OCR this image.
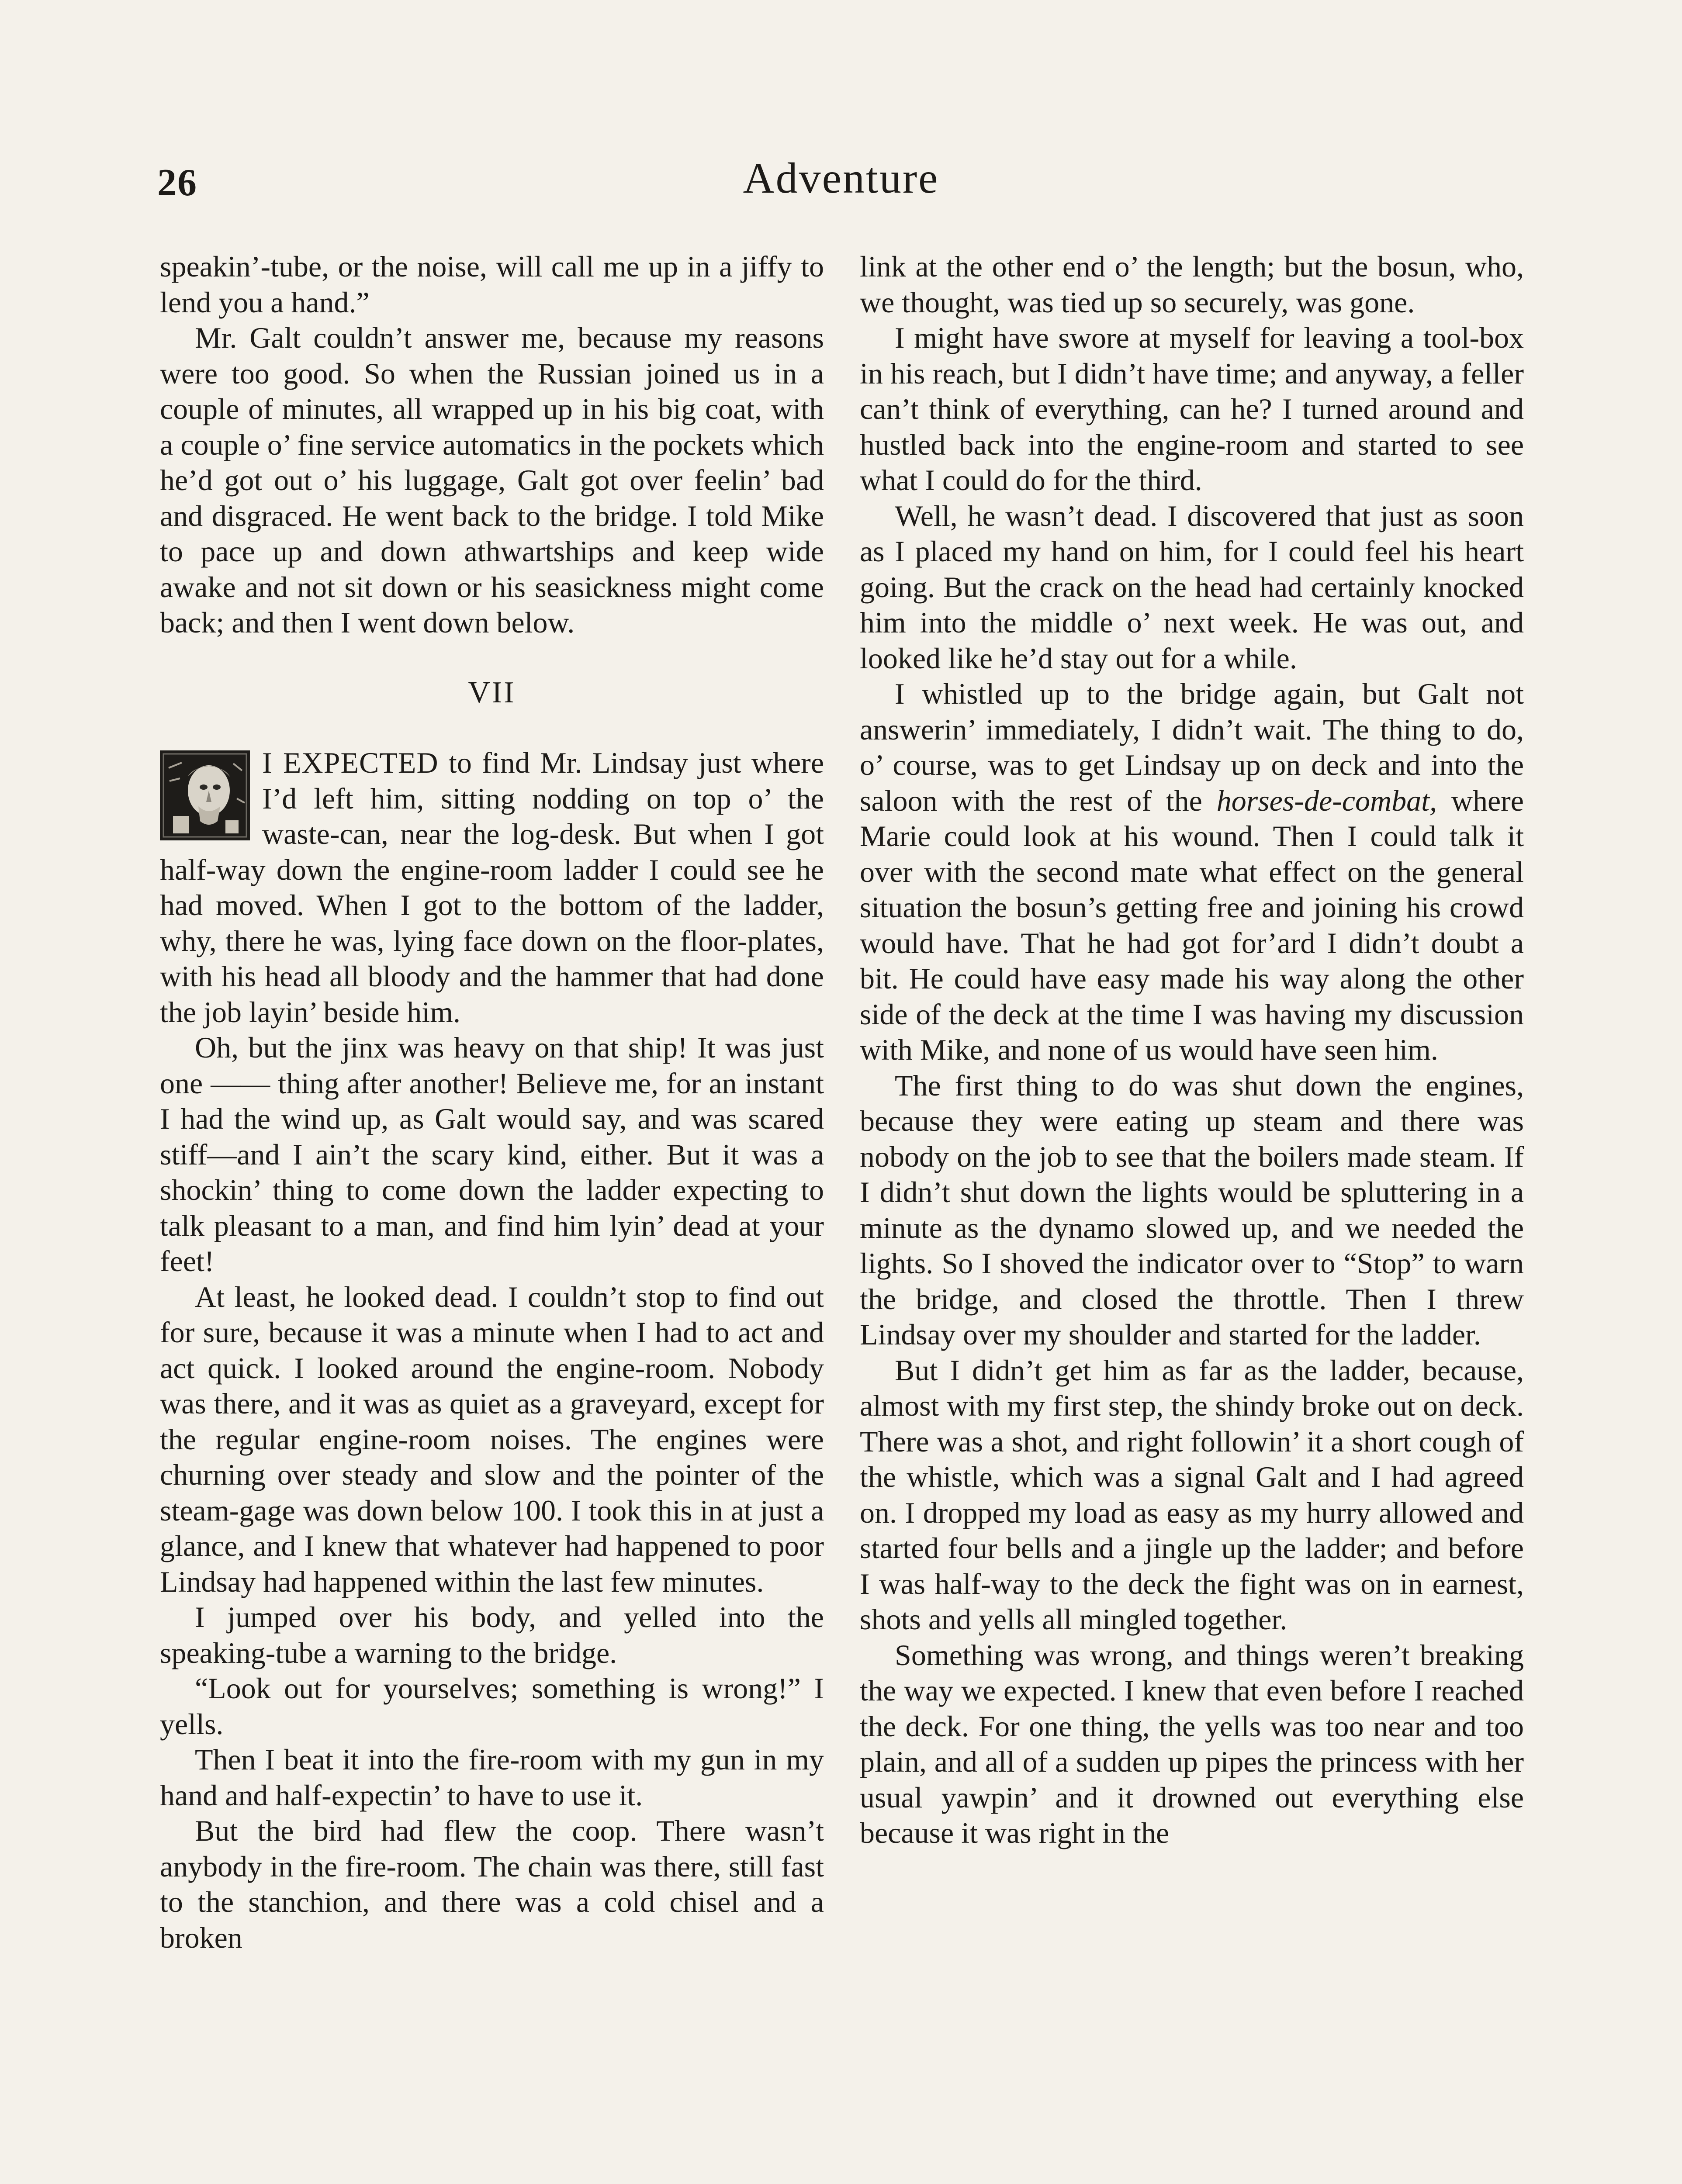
26	Adventure

speakin’-tube, or the noise, will call me up in a jiffy to lend you a hand.”

Mr. Galt couldn’t answer me, because my reasons were too good. So when the Russian joined us in a couple of minutes, all wrapped up in his big coat, with a couple o’ fine service automatics in the pockets which he’d got out o’ his luggage, Galt got over feelin’ bad and disgraced. He went back to the bridge. I told Mike to pace up and down athwartships and keep wide awake and not sit down or his seasickness might come back; and then I went down below.

VII

I EXPECTED to find Mr. Lindsay just where I’d left him, sitting nodding on top o’ the waste-can, near the log-desk. But when I got half-way down the engine-room ladder I could see he had moved. When I got to the bottom of the ladder, why, there he was, lying face down on the floor-plates, with his head all bloody and the hammer that had done the job layin’ beside him.

Oh, but the jinx was heavy on that ship! It was just one —— thing after another! Believe me, for an instant I had the wind up, as Galt would say, and was scared stiff—and I ain’t the scary kind, either. But it was a shockin’ thing to come down the ladder expecting to talk pleasant to a man, and find him lyin’ dead at your feet!

At least, he looked dead. I couldn’t stop to find out for sure, because it was a minute when I had to act and act quick. I looked around the engine-room. Nobody was there, and it was as quiet as a graveyard, except for the regular engine-room noises. The engines were churning over steady and slow and the pointer of the steam-gage was down below 100. I took this in at just a glance, and I knew that whatever had happened to poor Lindsay had happened within the last few minutes.

I jumped over his body, and yelled into the speaking-tube a warning to the bridge.

“Look out for yourselves; something is wrong!” I yells.

Then I beat it into the fire-room with my gun in my hand and half-expectin’ to have to use it.

But the bird had flew the coop. There wasn’t anybody in the fire-room. The chain was there, still fast to the stanchion, and there was a cold chisel and a broken

link at the other end o’ the length; but the bosun, who, we thought, was tied up so securely, was gone.

I might have swore at myself for leaving a tool-box in his reach, but I didn’t have time; and anyway, a feller can’t think of everything, can he? I turned around and hustled back into the engine-room and started to see what I could do for the third.

Well, he wasn’t dead. I discovered that just as soon as I placed my hand on him, for I could feel his heart going. But the crack on the head had certainly knocked him into the middle o’ next week. He was out, and looked like he’d stay out for a while.

I whistled up to the bridge again, but Galt not answerin’ immediately, I didn’t wait. The thing to do, o’ course, was to get Lindsay up on deck and into the saloon with the rest of the horses-de-combat, where Marie could look at his wound. Then I could talk it over with the second mate what effect on the general situation the bosun’s getting free and joining his crowd would have. That he had got for’ard I didn’t doubt a bit. He could have easy made his way along the other side of the deck at the time I was having my discussion with Mike, and none of us would have seen him.

The first thing to do was shut down the engines, because they were eating up steam and there was nobody on the job to see that the boilers made steam. If I didn’t shut down the lights would be spluttering in a minute as the dynamo slowed up, and we needed the lights. So I shoved the indicator over to “Stop” to warn the bridge, and closed the throttle. Then I threw Lindsay over my shoulder and started for the ladder.

But I didn’t get him as far as the ladder, because, almost with my first step, the shindy broke out on deck. There was a shot, and right followin’ it a short cough of the whistle, which was a signal Galt and I had agreed on. I dropped my load as easy as my hurry allowed and started four bells and a jingle up the ladder; and before I was half-way to the deck the fight was on in earnest, shots and yells all mingled together.

Something was wrong, and things weren’t breaking the way we expected. I knew that even before I reached the deck. For one thing, the yells was too near and too plain, and all of a sudden up pipes the princess with her usual yawpin’ and it drowned out everything else because it was right in the
